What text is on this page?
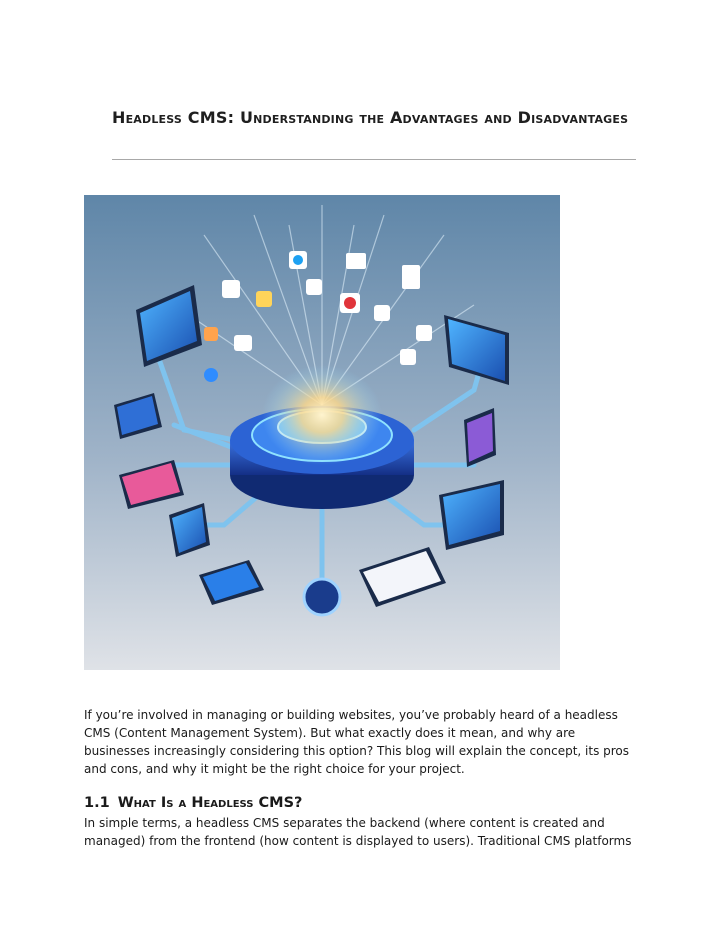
Headless CMS: Understanding the Advantages and Disadvantages

If you’re involved in managing or building websites, you’ve probably heard of a headless CMS (Content Management System). But what exactly does it mean, and why are businesses increasingly considering this option? This blog will explain the concept, its pros and cons, and why it might be the right choice for your project.

1.1 What Is a Headless CMS?

In simple terms, a headless CMS separates the backend (where content is created and managed) from the frontend (how content is displayed to users). Traditional CMS platforms
